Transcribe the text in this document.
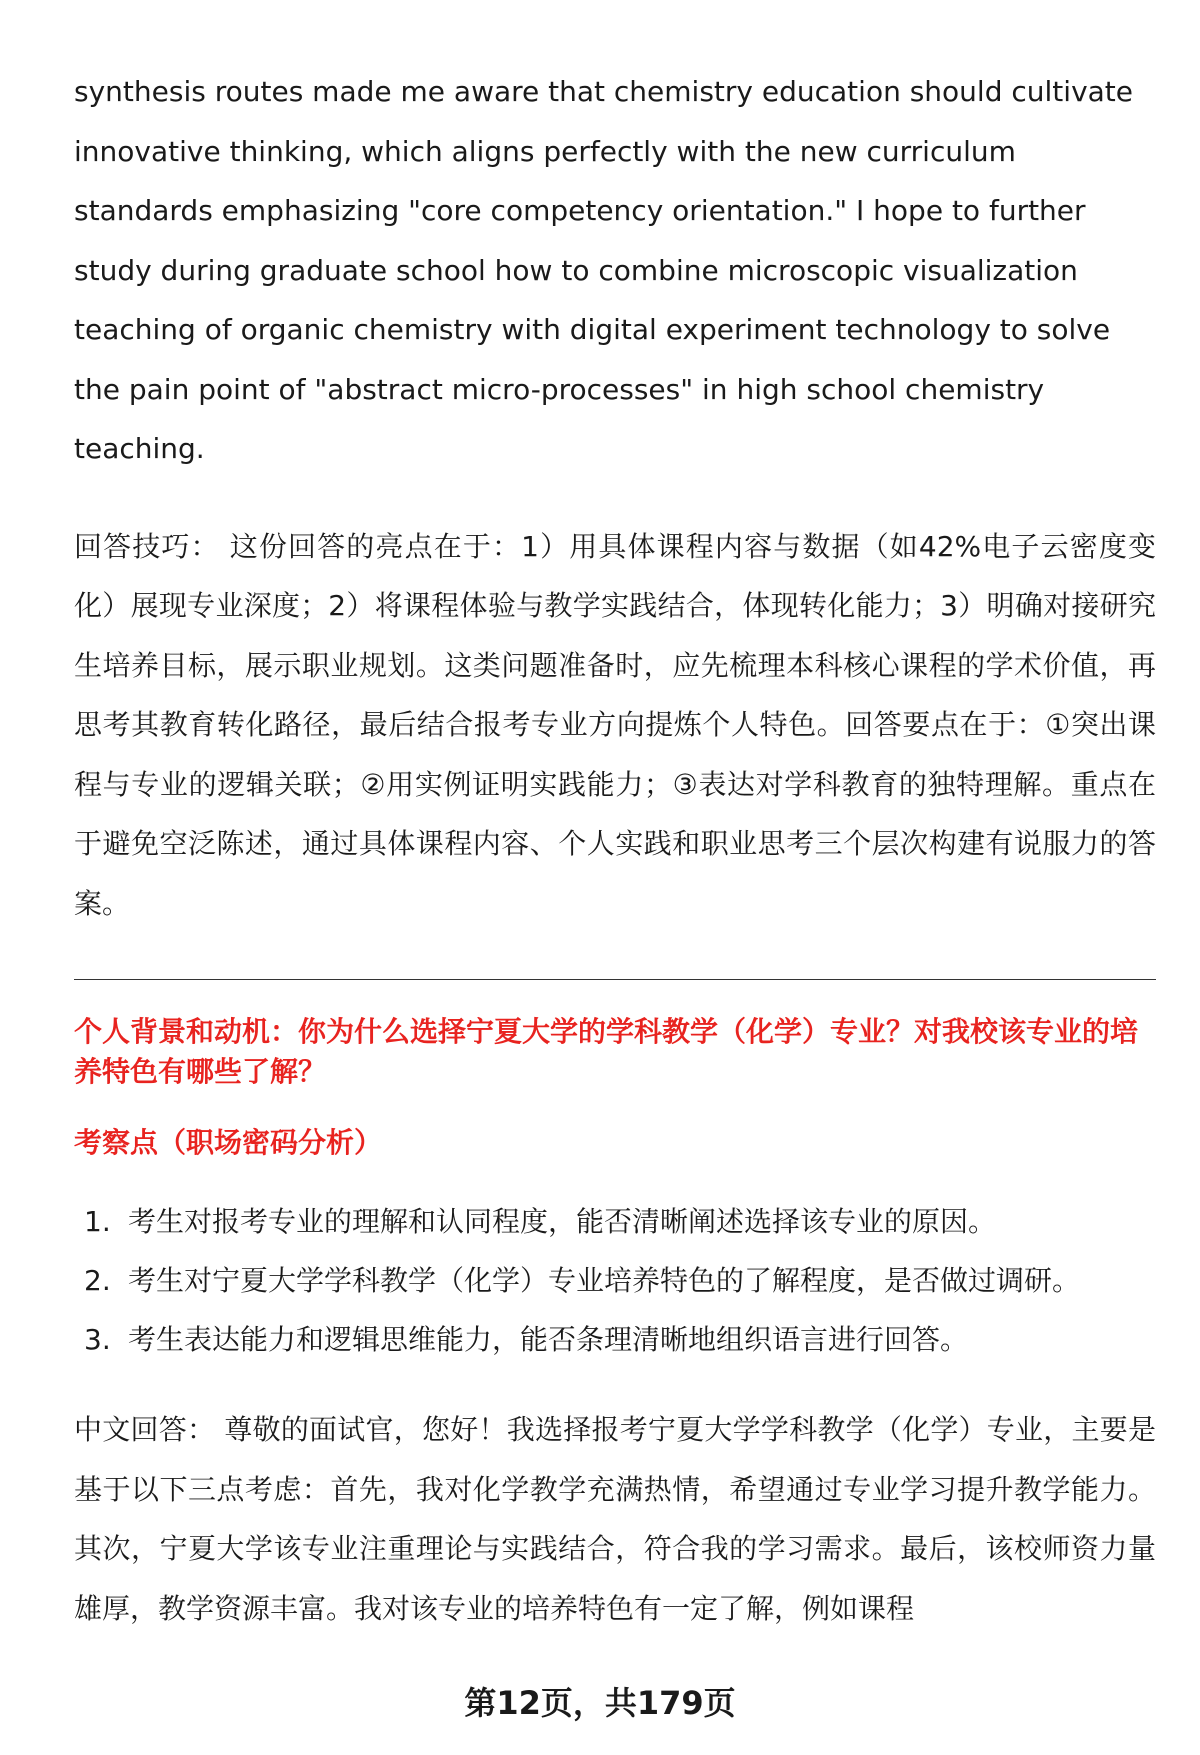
synthesis routes made me aware that chemistry education should cultivate innovative thinking, which aligns perfectly with the new curriculum standards emphasizing "core competency orientation." I hope to further study during graduate school how to combine microscopic visualization teaching of organic chemistry with digital experiment technology to solve the pain point of "abstract micro-processes" in high school chemistry teaching.

回答技巧： 这份回答的亮点在于：1）用具体课程内容与数据（如42%电子云密度变化）展现专业深度；2）将课程体验与教学实践结合，体现转化能力；3）明确对接研究生培养目标，展示职业规划。这类问题准备时，应先梳理本科核心课程的学术价值，再思考其教育转化路径，最后结合报考专业方向提炼个人特色。回答要点在于：①突出课程与专业的逻辑关联；②用实例证明实践能力；③表达对学科教育的独特理解。重点在于避免空泛陈述，通过具体课程内容、个人实践和职业思考三个层次构建有说服力的答案。

个人背景和动机：你为什么选择宁夏大学的学科教学（化学）专业？对我校该专业的培养特色有哪些了解？
考察点（职场密码分析）
1. 考生对报考专业的理解和认同程度，能否清晰阐述选择该专业的原因。
2. 考生对宁夏大学学科教学（化学）专业培养特色的了解程度，是否做过调研。
3. 考生表达能力和逻辑思维能力，能否条理清晰地组织语言进行回答。

中文回答： 尊敬的面试官，您好！我选择报考宁夏大学学科教学（化学）专业，主要是基于以下三点考虑：首先，我对化学教学充满热情，希望通过专业学习提升教学能力。其次，宁夏大学该专业注重理论与实践结合，符合我的学习需求。最后，该校师资力量雄厚，教学资源丰富。我对该专业的培养特色有一定了解，例如课程

第12页，共179页
